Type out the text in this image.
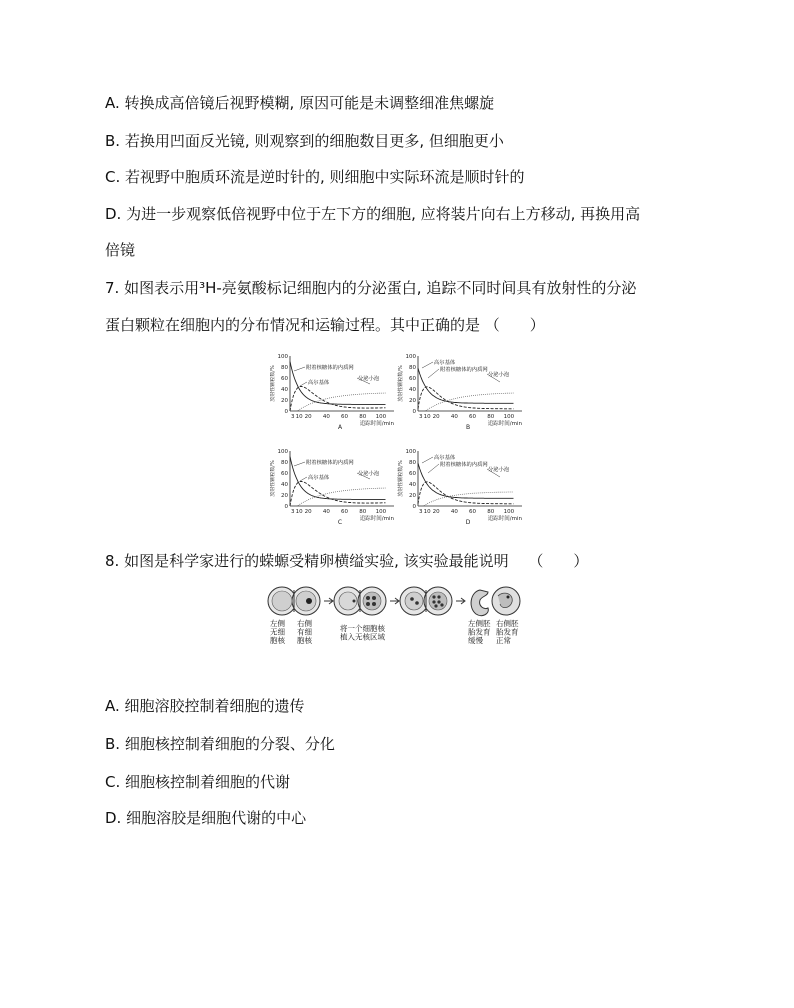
A. 转换成高倍镜后视野模糊, 原因可能是未调整细准焦螺旋
B. 若换用凹面反光镜, 则观察到的细胞数目更多, 但细胞更小
C. 若视野中胞质环流是逆时针的, 则细胞中实际环流是顺时针的
D. 为进一步观察低倍视野中位于左下方的细胞, 应将装片向右上方移动, 再换用高
倍镜
7. 如图表示用³H-亮氨酸标记细胞内的分泌蛋白, 追踪不同时间具有放射性的分泌
蛋白颗粒在细胞内的分布情况和运输过程。其中正确的是 （　　）
0
20
40
60
80
100
放射性颗粒数/%
3 10 20 40 60 80 100
追踪时间/min
A
附着核糖体的内质网
高尔基体
分泌小泡
0
20
40
60
80
100
放射性颗粒数/%
3 10 20 40 60 80 100
追踪时间/min
B
高尔基体
附着核糖体的内质网
分泌小泡
0
20
40
60
80
100
放射性颗粒数/%
3 10 20 40 60 80 100
追踪时间/min
C
附着核糖体的内质网
高尔基体
分泌小泡
0
20
40
60
80
100
放射性颗粒数/%
3 10 20 40 60 80 100
追踪时间/min
D
高尔基体
附着核糖体的内质网
分泌小泡
8. 如图是科学家进行的蝾螈受精卵横缢实验, 该实验最能说明　 （　　）
左侧无细胞核
右侧有细胞核
将一个细胞核植入无核区域
左侧胚胎发育缓慢
右侧胚胎发育正常
A. 细胞溶胶控制着细胞的遗传
B. 细胞核控制着细胞的分裂、分化
C. 细胞核控制着细胞的代谢
D. 细胞溶胶是细胞代谢的中心
